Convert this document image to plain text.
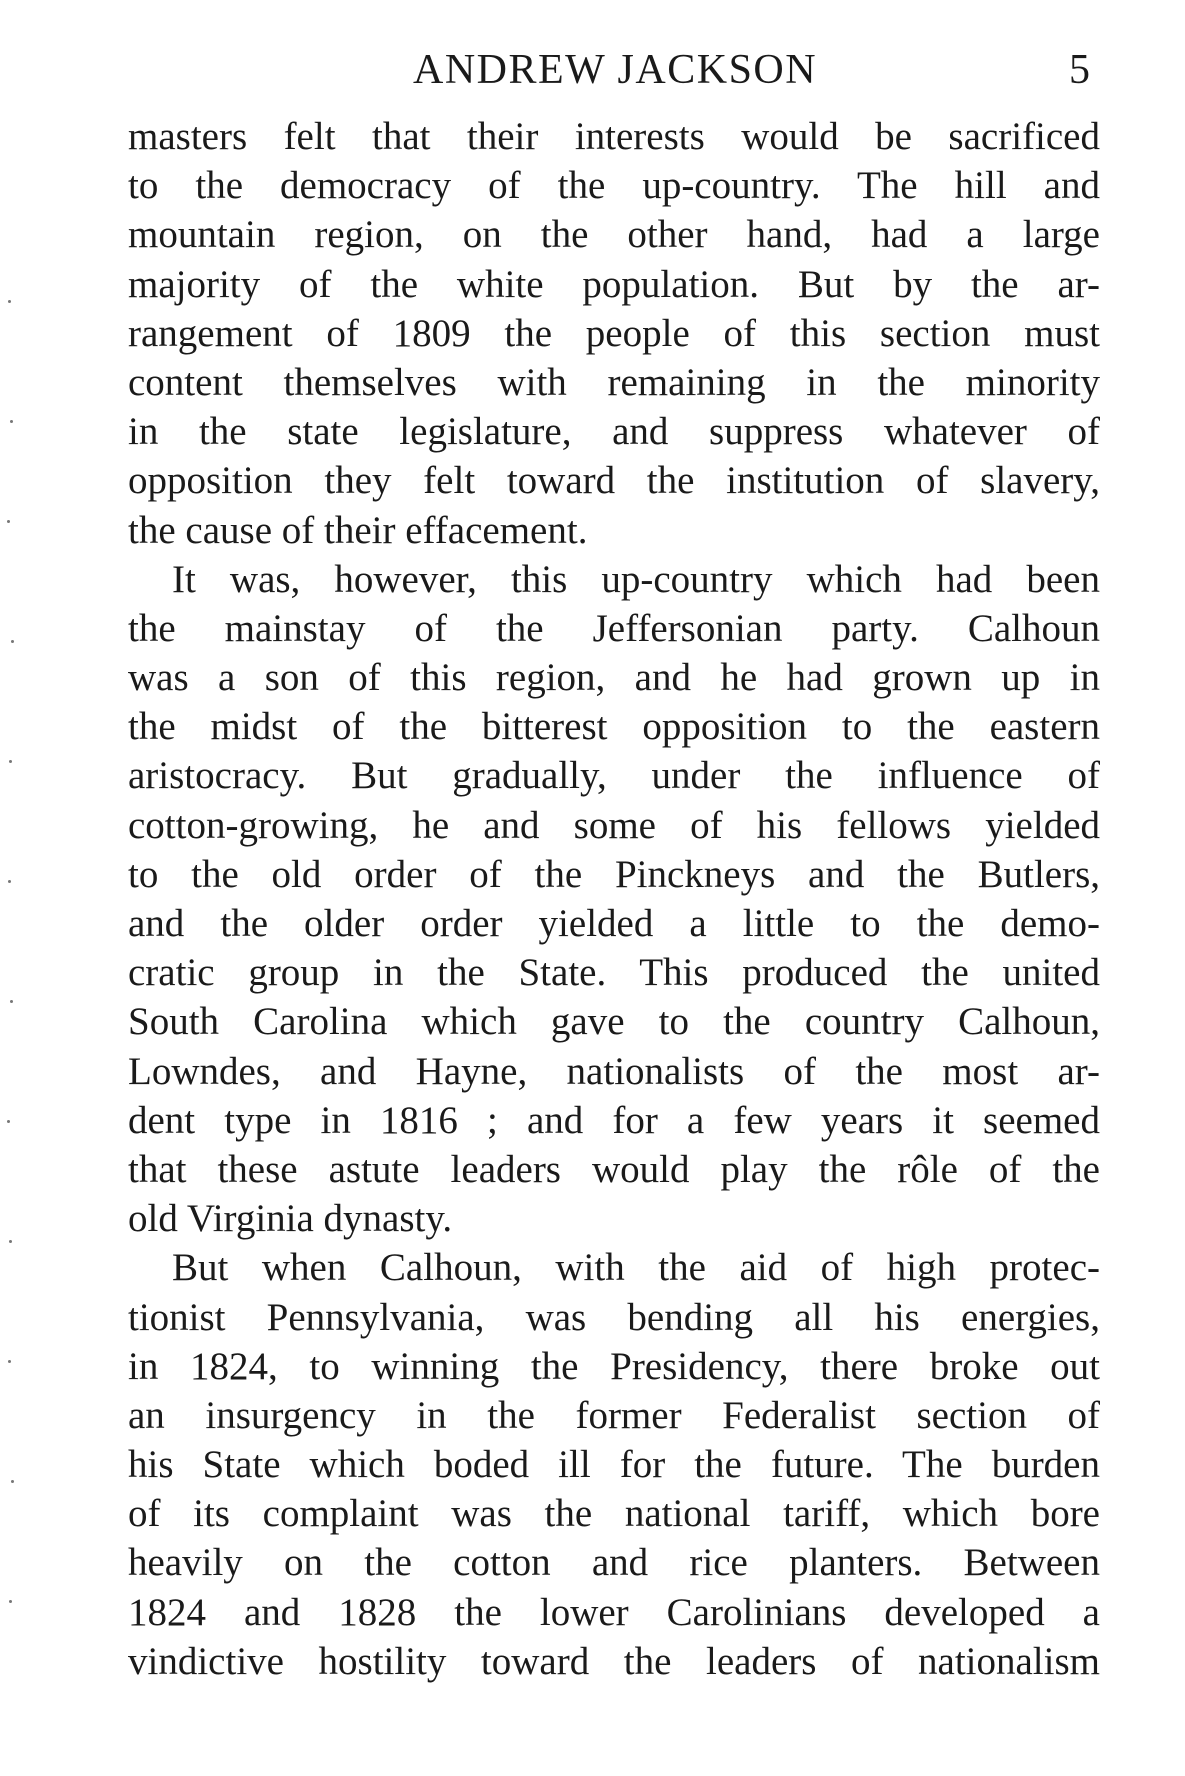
ANDREW JACKSON	5
masters felt that their interests would be sacrificed
to the democracy of the up-country. The hill and
mountain region, on the other hand, had a large
majority of the white population. But by the ar-
rangement of 1809 the people of this section must
content themselves with remaining in the minority
in the state legislature, and suppress whatever of
opposition they felt toward the institution of slavery,
the cause of their effacement.
It was, however, this up-country which had been
the mainstay of the Jeffersonian party. Calhoun
was a son of this region, and he had grown up in
the midst of the bitterest opposition to the eastern
aristocracy. But gradually, under the influence of
cotton-growing, he and some of his fellows yielded
to the old order of the Pinckneys and the Butlers,
and the older order yielded a little to the demo-
cratic group in the State. This produced the united
South Carolina which gave to the country Calhoun,
Lowndes, and Hayne, nationalists of the most ar-
dent type in 1816 ; and for a few years it seemed
that these astute leaders would play the rôle of the
old Virginia dynasty.
But when Calhoun, with the aid of high protec-
tionist Pennsylvania, was bending all his energies,
in 1824, to winning the Presidency, there broke out
an insurgency in the former Federalist section of
his State which boded ill for the future. The burden
of its complaint was the national tariff, which bore
heavily on the cotton and rice planters. Between
1824 and 1828 the lower Carolinians developed a
vindictive hostility toward the leaders of nationalism
